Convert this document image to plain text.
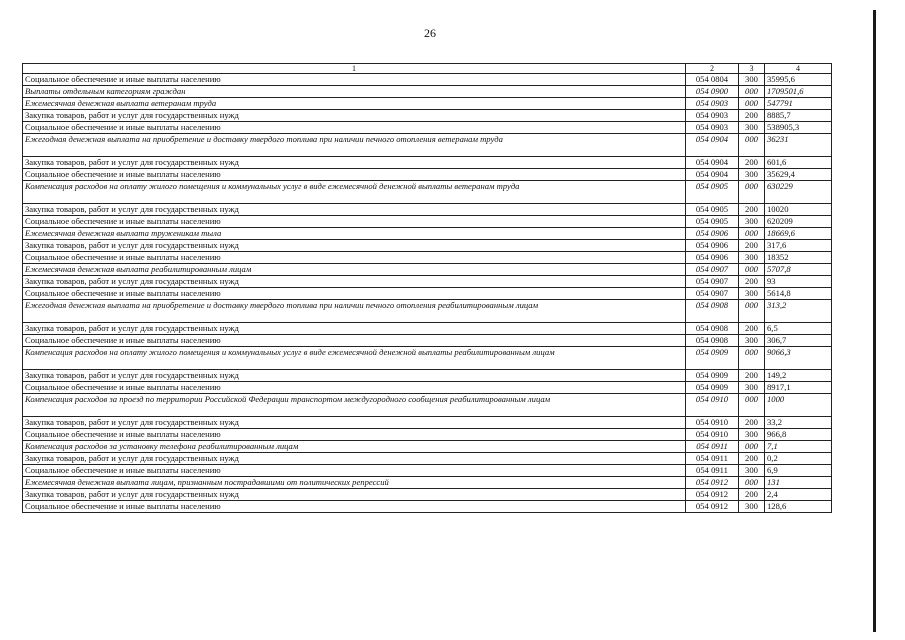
26
1	2	3	4
Социальное обеспечение и иные выплаты населению	054 0804	300	35995,6
Выплаты отдельным категориям граждан	054 0900	000	1709501,6
Ежемесячная денежная выплата ветеранам труда	054 0903	000	547791
Закупка товаров, работ и услуг для государственных нужд	054 0903	200	8885,7
Социальное обеспечение и иные выплаты населению	054 0903	300	538905,3
Ежегодная денежная выплата на приобретение и доставку твердого топлива при наличии печного отопления ветеранам труда	054 0904	000	36231
Закупка товаров, работ и услуг для государственных нужд	054 0904	200	601,6
Социальное обеспечение и иные выплаты населению	054 0904	300	35629,4
Компенсация расходов на оплату жилого помещения и коммунальных услуг в виде ежемесячной денежной выплаты ветеранам труда	054 0905	000	630229
Закупка товаров, работ и услуг для государственных нужд	054 0905	200	10020
Социальное обеспечение и иные выплаты населению	054 0905	300	620209
Ежемесячная денежная выплата труженикам тыла	054 0906	000	18669,6
Закупка товаров, работ и услуг для государственных нужд	054 0906	200	317,6
Социальное обеспечение и иные выплаты населению	054 0906	300	18352
Ежемесячная денежная выплата реабилитированным лицам	054 0907	000	5707,8
Закупка товаров, работ и услуг для государственных нужд	054 0907	200	93
Социальное обеспечение и иные выплаты населению	054 0907	300	5614,8
Ежегодная денежная выплата на приобретение и доставку твердого топлива при наличии печного отопления реабилитированным лицам	054 0908	000	313,2
Закупка товаров, работ и услуг для государственных нужд	054 0908	200	6,5
Социальное обеспечение и иные выплаты населению	054 0908	300	306,7
Компенсация расходов на оплату жилого помещения и коммунальных услуг в виде ежемесячной денежной выплаты реабилитированным лицам	054 0909	000	9066,3
Закупка товаров, работ и услуг для государственных нужд	054 0909	200	149,2
Социальное обеспечение и иные выплаты населению	054 0909	300	8917,1
Компенсация расходов за проезд по территории Российской Федерации транспортом междугородного сообщения реабилитированным лицам	054 0910	000	1000
Закупка товаров, работ и услуг для государственных нужд	054 0910	200	33,2
Социальное обеспечение и иные выплаты населению	054 0910	300	966,8
Компенсация расходов за установку телефона реабилитированным лицам	054 0911	000	7,1
Закупка товаров, работ и услуг для государственных нужд	054 0911	200	0,2
Социальное обеспечение и иные выплаты населению	054 0911	300	6,9
Ежемесячная денежная выплата лицам, признанным пострадавшими от политических репрессий	054 0912	000	131
Закупка товаров, работ и услуг для государственных нужд	054 0912	200	2,4
Социальное обеспечение и иные выплаты населению	054 0912	300	128,6
